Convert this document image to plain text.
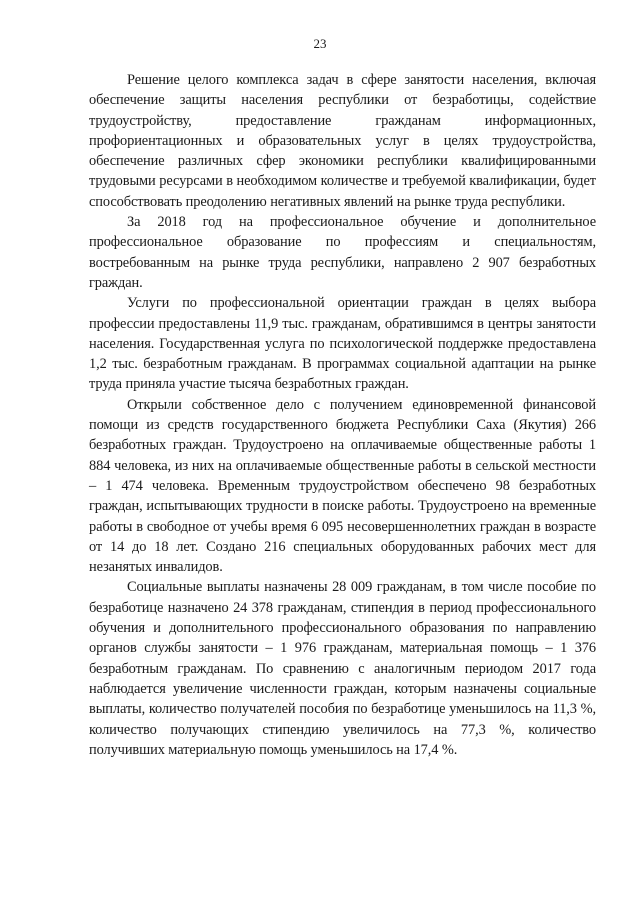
23

Решение целого комплекса задач в сфере занятости населения, включая обеспечение защиты населения республики от безработицы, содействие трудоустройству, предоставление гражданам информационных, профориентационных и образовательных услуг в целях трудоустройства, обеспечение различных сфер экономики республики квалифицированными трудовыми ресурсами в необходимом количестве и требуемой квалификации, будет способствовать преодолению негативных явлений на рынке труда республики.

За 2018 год на профессиональное обучение и дополнительное профессиональное образование по профессиям и специальностям, востребованным на рынке труда республики, направлено 2 907 безработных граждан.

Услуги по профессиональной ориентации граждан в целях выбора профессии предоставлены 11,9 тыс. гражданам, обратившимся в центры занятости населения. Государственная услуга по психологической поддержке предоставлена 1,2 тыс. безработным гражданам. В программах социальной адаптации на рынке труда приняла участие тысяча безработных граждан.

Открыли собственное дело с получением единовременной финансовой помощи из средств государственного бюджета Республики Саха (Якутия) 266 безработных граждан. Трудоустроено на оплачиваемые общественные работы 1 884 человека, из них на оплачиваемые общественные работы в сельской местности – 1 474 человека. Временным трудоустройством обеспечено 98 безработных граждан, испытывающих трудности в поиске работы. Трудоустроено на временные работы в свободное от учебы время 6 095 несовершеннолетних граждан в возрасте от 14 до 18 лет. Создано 216 специальных оборудованных рабочих мест для незанятых инвалидов.

Социальные выплаты назначены 28 009 гражданам, в том числе пособие по безработице назначено 24 378 гражданам, стипендия в период профессионального обучения и дополнительного профессионального образования по направлению органов службы занятости – 1 976 гражданам, материальная помощь – 1 376 безработным гражданам. По сравнению с аналогичным периодом 2017 года наблюдается увеличение численности граждан, которым назначены социальные выплаты, количество получателей пособия по безработице уменьшилось на 11,3 %, количество получающих стипендию увеличилось на 77,3 %, количество получивших материальную помощь уменьшилось на 17,4 %.
